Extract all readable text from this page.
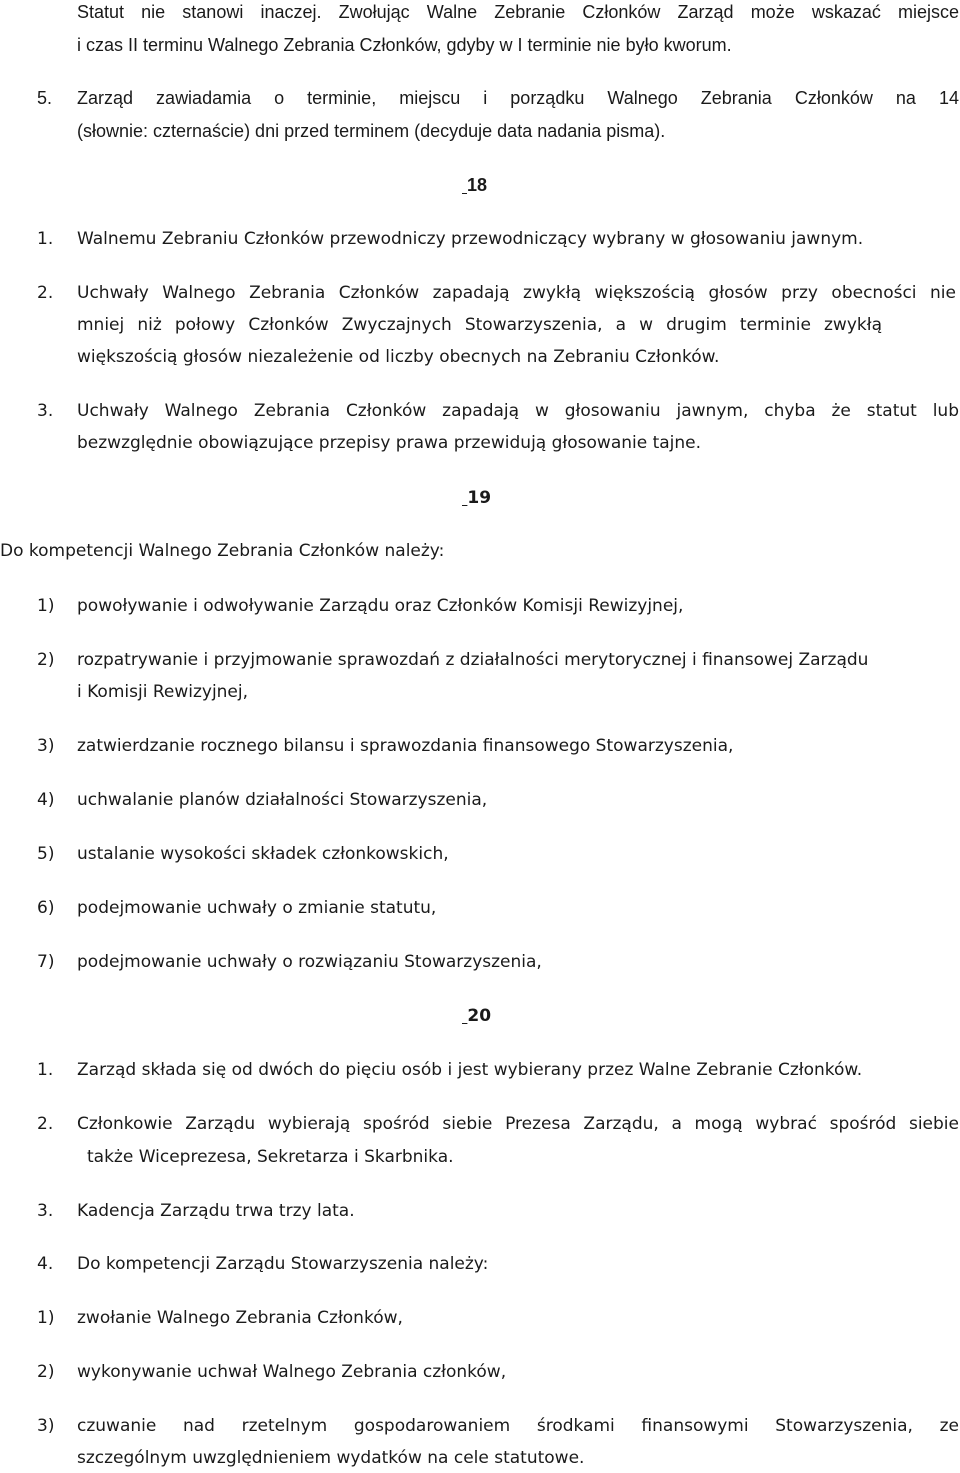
Statut nie stanowi inaczej. Zwołując Walne Zebranie Członków Zarząd może wskazać miejsce
i czas II terminu Walnego Zebrania Członków, gdyby w I terminie nie było kworum.
5. Zarząd zawiadamia o terminie, miejscu i porządku Walnego Zebrania Członków na 14
(słownie: czternaście) dni przed terminem (decyduje data nadania pisma).
18
1. Walnemu Zebraniu Członków przewodniczy przewodniczący wybrany w głosowaniu jawnym.
2. Uchwały Walnego Zebrania Członków zapadają zwykłą większością głosów przy obecności nie
mniej niż połowy Członków Zwyczajnych Stowarzyszenia, a w drugim terminie zwykłą
większością głosów niezależenie od liczby obecnych na Zebraniu Członków.
3. Uchwały Walnego Zebrania Członków zapadają w głosowaniu jawnym, chyba że statut lub
bezwzględnie obowiązujące przepisy prawa przewidują głosowanie tajne.
19
Do kompetencji Walnego Zebrania Członków należy:
1) powoływanie i odwoływanie Zarządu oraz Członków Komisji Rewizyjnej,
2) rozpatrywanie i przyjmowanie sprawozdań z działalności merytorycznej i finansowej Zarządu
i Komisji Rewizyjnej,
3) zatwierdzanie rocznego bilansu i sprawozdania finansowego Stowarzyszenia,
4) uchwalanie planów działalności Stowarzyszenia,
5) ustalanie wysokości składek członkowskich,
6) podejmowanie uchwały o zmianie statutu,
7) podejmowanie uchwały o rozwiązaniu Stowarzyszenia,
20
1. Zarząd składa się od dwóch do pięciu osób i jest wybierany przez Walne Zebranie Członków.
2. Członkowie Zarządu wybierają spośród siebie Prezesa Zarządu, a mogą wybrać spośród siebie
także Wiceprezesa, Sekretarza i Skarbnika.
3. Kadencja Zarządu trwa trzy lata.
4. Do kompetencji Zarządu Stowarzyszenia należy:
1) zwołanie Walnego Zebrania Członków,
2) wykonywanie uchwał Walnego Zebrania członków,
3) czuwanie nad rzetelnym gospodarowaniem środkami finansowymi Stowarzyszenia, ze
szczególnym uwzględnieniem wydatków na cele statutowe.
